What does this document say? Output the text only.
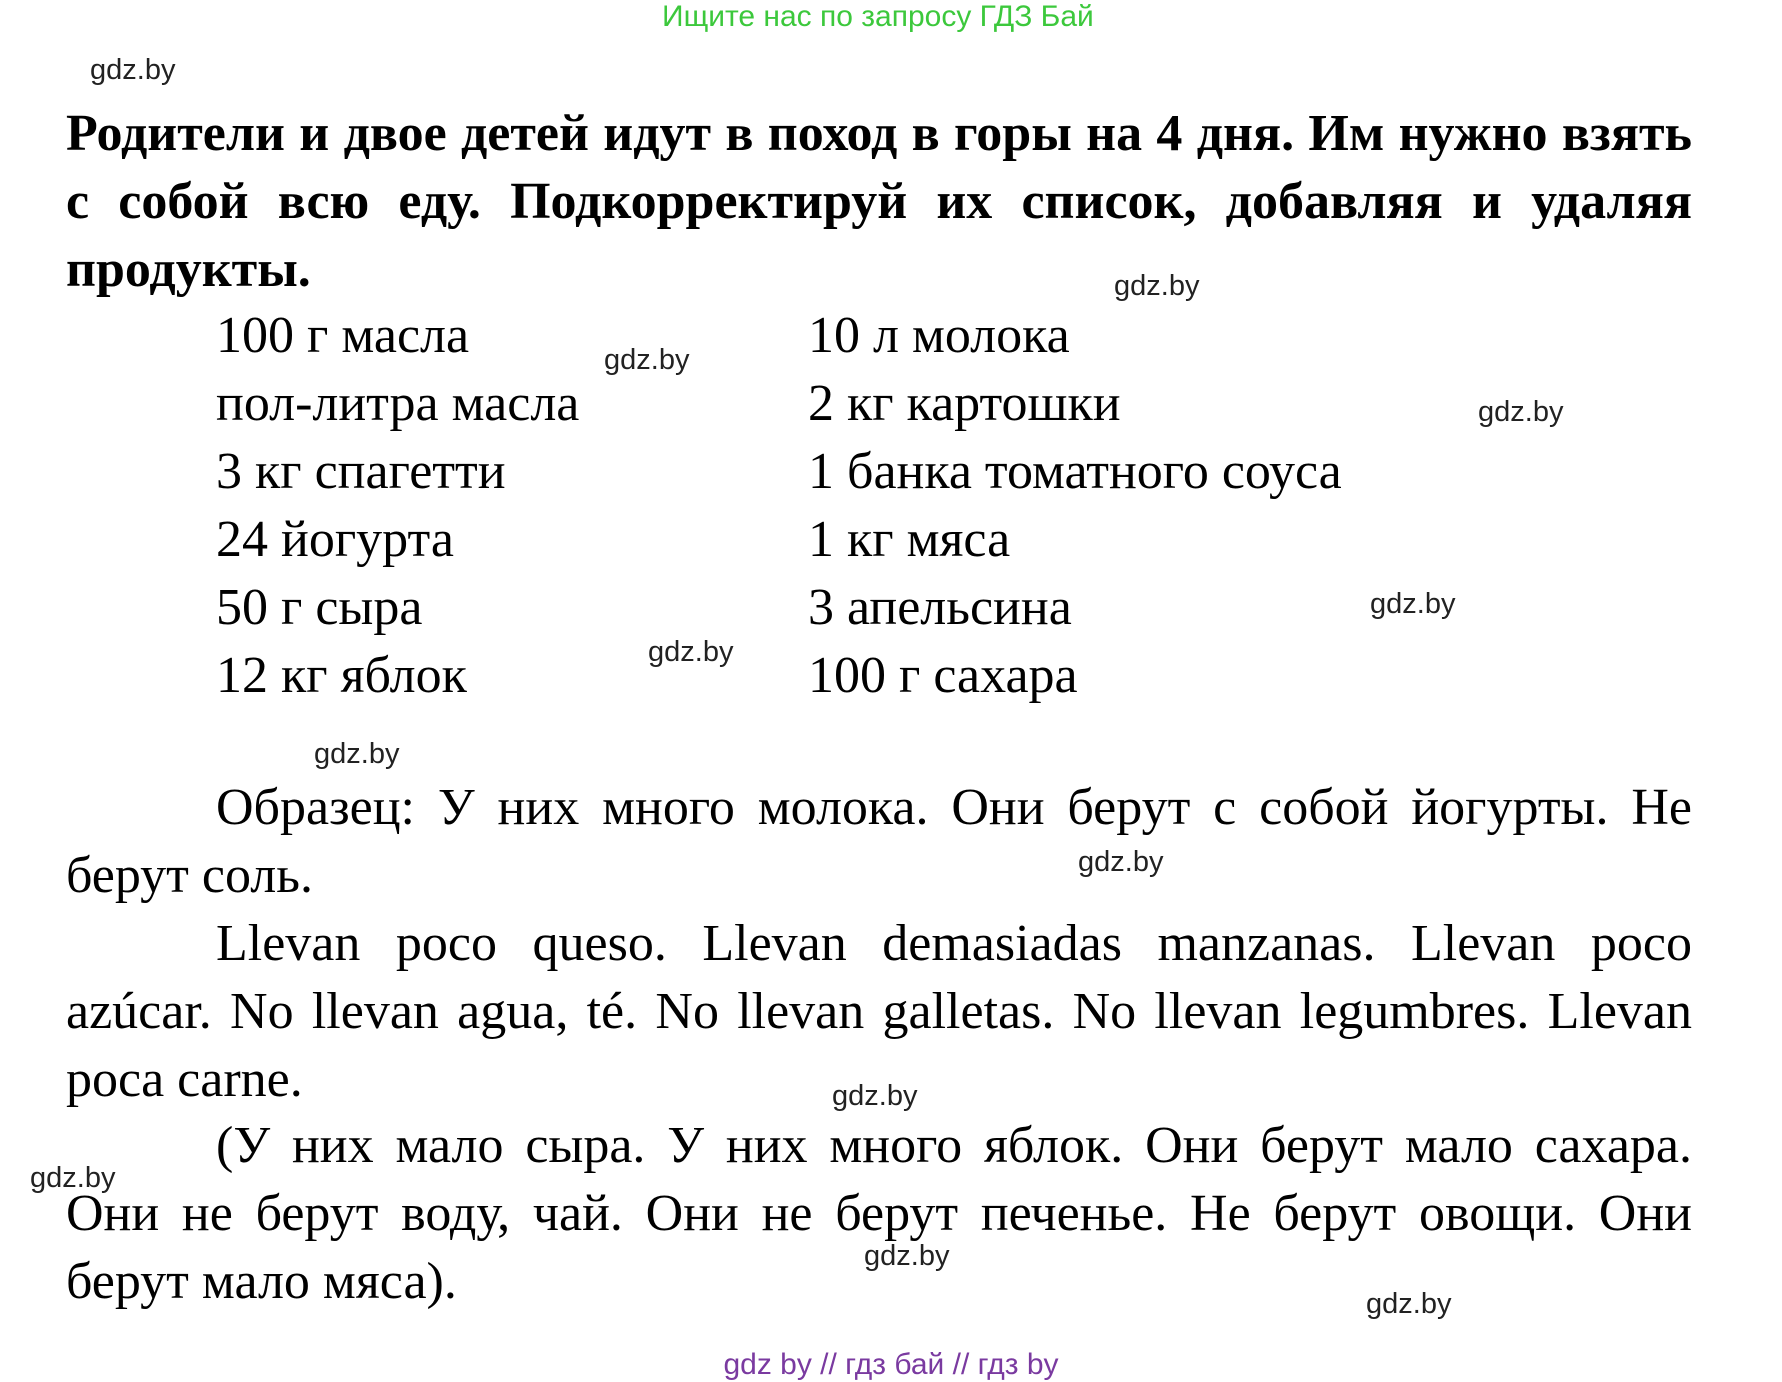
Ищите нас по запросу ГДЗ Бай
gdz.by
gdz.by
gdz.by
gdz.by
gdz.by
gdz.by
gdz.by
gdz.by
gdz.by
gdz.by
gdz.by
gdz.by

Родители и двое детей идут в поход в горы на 4 дня. Им нужно взять с собой всю еду. Подкорректируй их список, добавляя и удаляя продукты.

100 г масла
пол-литра масла
3 кг спагетти
24 йогурта
50 г сыра
12 кг яблок
10 л молока
2 кг картошки
1 банка томатного соуса
1 кг мяса
3 апельсина
100 г сахара

Образец: У них много молока. Они берут с собой йогурты. Не берут соль.

Llevan poco queso. Llevan demasiadas manzanas. Llevan poco azúcar. No llevan agua, té. No llevan galletas. No llevan legumbres. Llevan poca carne.

(У них мало сыра. У них много яблок. Они берут мало сахара. Они не берут воду, чай. Они не берут печенье. Не берут овощи. Они берут мало мяса).

gdz by // гдз бай // гдз by
